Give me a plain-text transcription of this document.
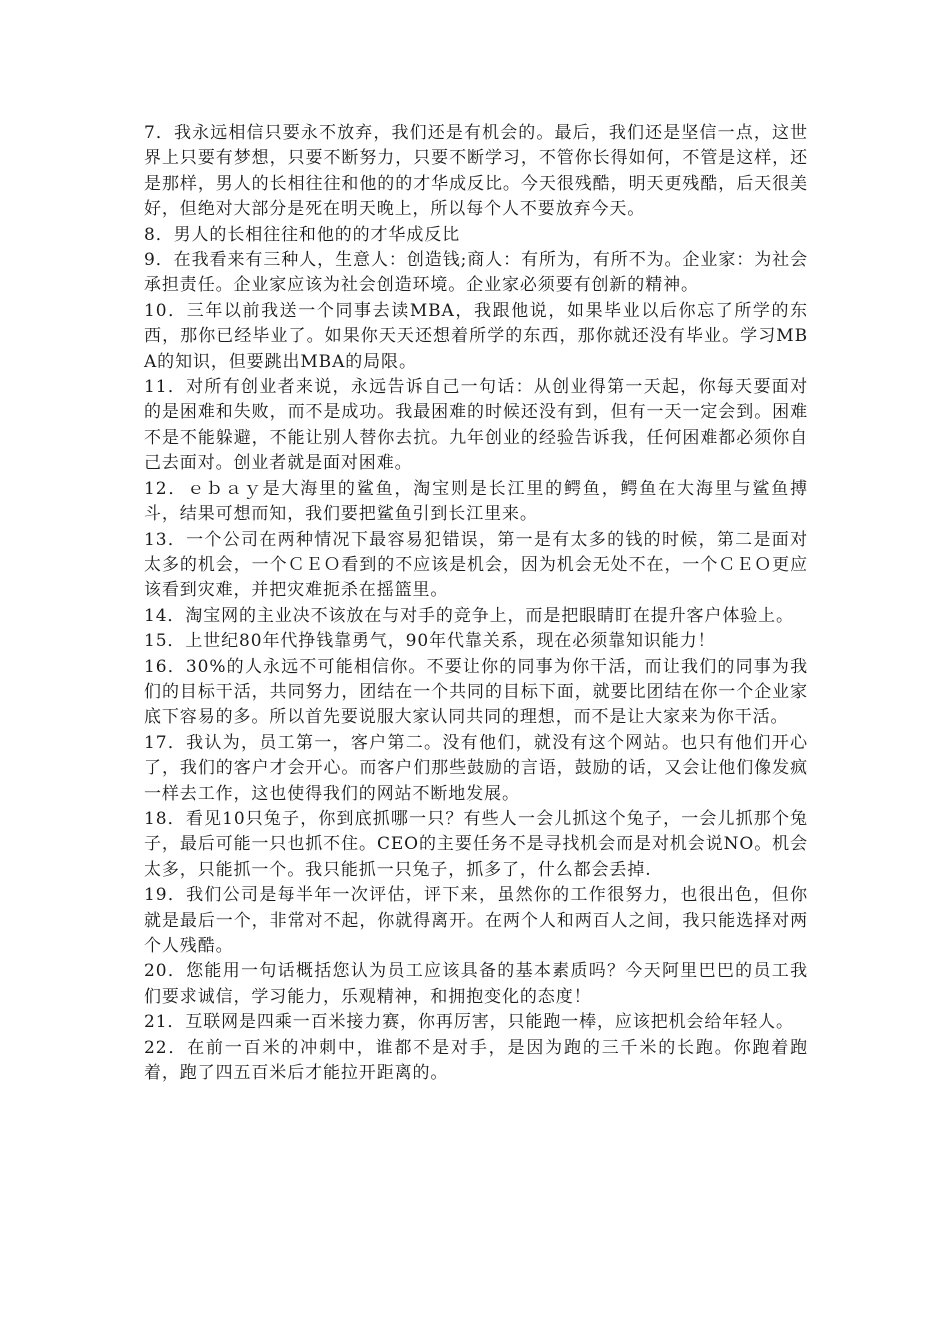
7．我永远相信只要永不放弃，我们还是有机会的。最后，我们还是坚信一点，这世界上只要有梦想，只要不断努力，只要不断学习，不管你长得如何，不管是这样，还是那样，男人的长相往往和他的的才华成反比。今天很残酷，明天更残酷，后天很美好，但绝对大部分是死在明天晚上，所以每个人不要放弃今天。

8．男人的长相往往和他的的才华成反比

9．在我看来有三种人，生意人：创造钱;商人：有所为，有所不为。企业家：为社会承担责任。企业家应该为社会创造环境。企业家必须要有创新的精神。

10．三年以前我送一个同事去读MBA，我跟他说，如果毕业以后你忘了所学的东西，那你已经毕业了。如果你天天还想着所学的东西，那你就还没有毕业。学习MBA的知识，但要跳出MBA的局限。

11．对所有创业者来说，永远告诉自己一句话：从创业得第一天起，你每天要面对的是困难和失败，而不是成功。我最困难的时候还没有到，但有一天一定会到。困难不是不能躲避，不能让别人替你去抗。九年创业的经验告诉我，任何困难都必须你自己去面对。创业者就是面对困难。

12．ｅｂａｙ是大海里的鲨鱼，淘宝则是长江里的鳄鱼，鳄鱼在大海里与鲨鱼搏斗，结果可想而知，我们要把鲨鱼引到长江里来。

13．一个公司在两种情况下最容易犯错误，第一是有太多的钱的时候，第二是面对太多的机会，一个ＣＥＯ看到的不应该是机会，因为机会无处不在，一个ＣＥＯ更应该看到灾难，并把灾难扼杀在摇篮里。

14．淘宝网的主业决不该放在与对手的竞争上，而是把眼睛盯在提升客户体验上。

15．上世纪80年代挣钱靠勇气，90年代靠关系，现在必须靠知识能力！

16．30%的人永远不可能相信你。不要让你的同事为你干活，而让我们的同事为我们的目标干活，共同努力，团结在一个共同的目标下面，就要比团结在你一个企业家底下容易的多。所以首先要说服大家认同共同的理想，而不是让大家来为你干活。

17．我认为，员工第一，客户第二。没有他们，就没有这个网站。也只有他们开心了，我们的客户才会开心。而客户们那些鼓励的言语，鼓励的话，又会让他们像发疯一样去工作，这也使得我们的网站不断地发展。

18．看见10只兔子，你到底抓哪一只？有些人一会儿抓这个兔子，一会儿抓那个兔子，最后可能一只也抓不住。CEO的主要任务不是寻找机会而是对机会说NO。机会太多，只能抓一个。我只能抓一只兔子，抓多了，什么都会丢掉.

19．我们公司是每半年一次评估，评下来，虽然你的工作很努力，也很出色，但你就是最后一个，非常对不起，你就得离开。在两个人和两百人之间，我只能选择对两个人残酷。

20．您能用一句话概括您认为员工应该具备的基本素质吗？今天阿里巴巴的员工我们要求诚信，学习能力，乐观精神，和拥抱变化的态度！

21．互联网是四乘一百米接力赛，你再厉害，只能跑一棒，应该把机会给年轻人。

22．在前一百米的冲刺中，谁都不是对手，是因为跑的三千米的长跑。你跑着跑着，跑了四五百米后才能拉开距离的。
